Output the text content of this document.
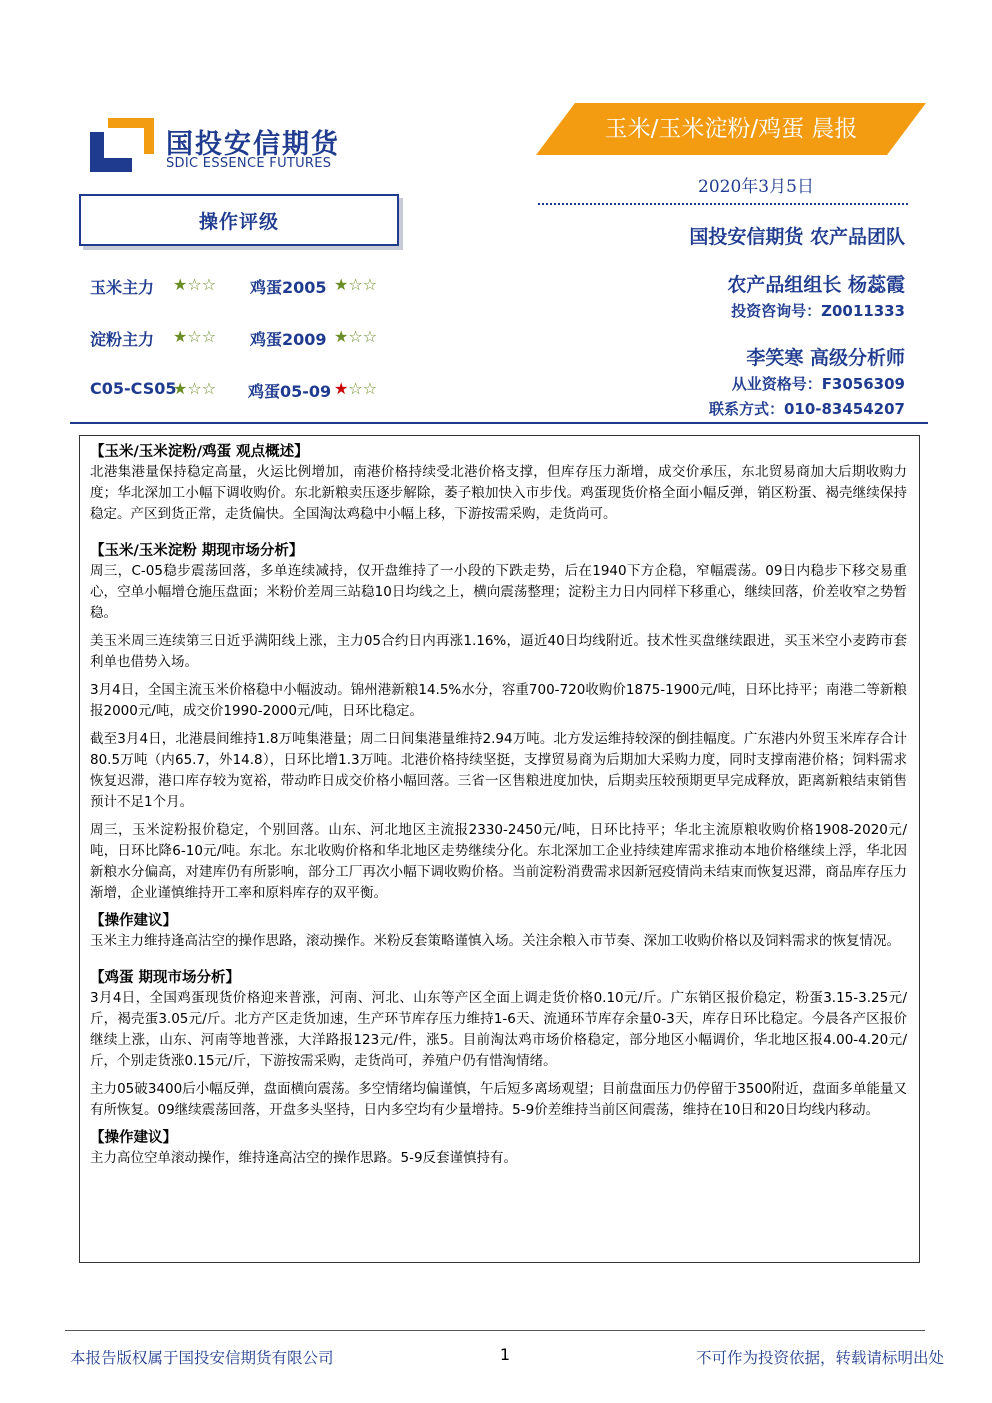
国投安信期货
SDIC ESSENCE FUTURES
玉米/玉米淀粉/鸡蛋 晨报
2020年3月5日
操作评级
玉米主力 ★☆☆ 鸡蛋2005 ★☆☆
淀粉主力 ★☆☆ 鸡蛋2009 ★☆☆
C05-CS05
★☆☆ 鸡蛋05-09 ★☆☆
国投安信期货 农产品团队
农产品组组长 杨蕊霞
投资咨询号：Z0011333
李笑寒 高级分析师
从业资格号：F3056309
联系方式：010-83454207

【玉米/玉米淀粉/鸡蛋 观点概述】

北港集港量保持稳定高量，火运比例增加，南港价格持续受北港价格支撑，但库存压力渐增，成交价承压，东北贸易商加大后期收购力度；华北深加工小幅下调收购价。东北新粮卖压逐步解除，萎子粮加快入市步伐。鸡蛋现货价格全面小幅反弹，销区粉蛋、褐壳继续保持稳定。产区到货正常，走货偏快。全国淘汰鸡稳中小幅上移，下游按需采购，走货尚可。

【玉米/玉米淀粉 期现市场分析】

周三，C-05稳步震荡回落，多单连续减持，仅开盘维持了一小段的下跌走势，后在1940下方企稳，窄幅震荡。09日内稳步下移交易重心，空单小幅增仓施压盘面；米粉价差周三站稳10日均线之上，横向震荡整理；淀粉主力日内同样下移重心，继续回落，价差收窄之势暂稳。

美玉米周三连续第三日近乎满阳线上涨，主力05合约日内再涨1.16%，逼近40日均线附近。技术性买盘继续跟进，买玉米空小麦跨市套利单也借势入场。

3月4日，全国主流玉米价格稳中小幅波动。锦州港新粮14.5%水分，容重700-720收购价1875-1900元/吨，日环比持平；南港二等新粮报2000元/吨，成交价1990-2000元/吨，日环比稳定。

截至3月4日，北港晨间维持1.8万吨集港量；周二日间集港量维持2.94万吨。北方发运维持较深的倒挂幅度。广东港内外贸玉米库存合计80.5万吨（内65.7，外14.8），日环比增1.3万吨。北港价格持续坚挺，支撑贸易商为后期加大采购力度，同时支撑南港价格；饲料需求恢复迟滞，港口库存较为宽裕，带动昨日成交价格小幅回落。三省一区售粮进度加快，后期卖压较预期更早完成释放，距离新粮结束销售预计不足1个月。

周三，玉米淀粉报价稳定，个别回落。山东、河北地区主流报2330-2450元/吨，日环比持平；华北主流原粮收购价格1908-2020元/吨，日环比降6-10元/吨。东北。东北收购价格和华北地区走势继续分化。东北深加工企业持续建库需求推动本地价格继续上浮，华北因新粮水分偏高，对建库仍有所影响，部分工厂再次小幅下调收购价格。当前淀粉消费需求因新冠疫情尚未结束而恢复迟滞，商品库存压力渐增，企业谨慎维持开工率和原料库存的双平衡。

【操作建议】

玉米主力维持逢高沽空的操作思路，滚动操作。米粉反套策略谨慎入场。关注余粮入市节奏、深加工收购价格以及饲料需求的恢复情况。

【鸡蛋 期现市场分析】

3月4日，全国鸡蛋现货价格迎来普涨，河南、河北、山东等产区全面上调走货价格0.10元/斤。广东销区报价稳定，粉蛋3.15-3.25元/斤，褐壳蛋3.05元/斤。北方产区走货加速，生产环节库存压力维持1-6天、流通环节库存余量0-3天，库存日环比稳定。今晨各产区报价继续上涨，山东、河南等地普涨，大洋路报123元/件，涨5。目前淘汰鸡市场价格稳定，部分地区小幅调价，华北地区报4.00-4.20元/斤，个别走货涨0.15元/斤，下游按需采购，走货尚可，养殖户仍有惜淘情绪。

主力05破3400后小幅反弹，盘面横向震荡。多空情绪均偏谨慎，午后短多离场观望；目前盘面压力仍停留于3500附近，盘面多单能量又有所恢复。09继续震荡回落，开盘多头坚持，日内多空均有少量增持。5-9价差维持当前区间震荡，维持在10日和20日均线内移动。

【操作建议】

主力高位空单滚动操作，维持逢高沽空的操作思路。5-9反套谨慎持有。

本报告版权属于国投安信期货有限公司	1	不可作为投资依据，转载请标明出处
